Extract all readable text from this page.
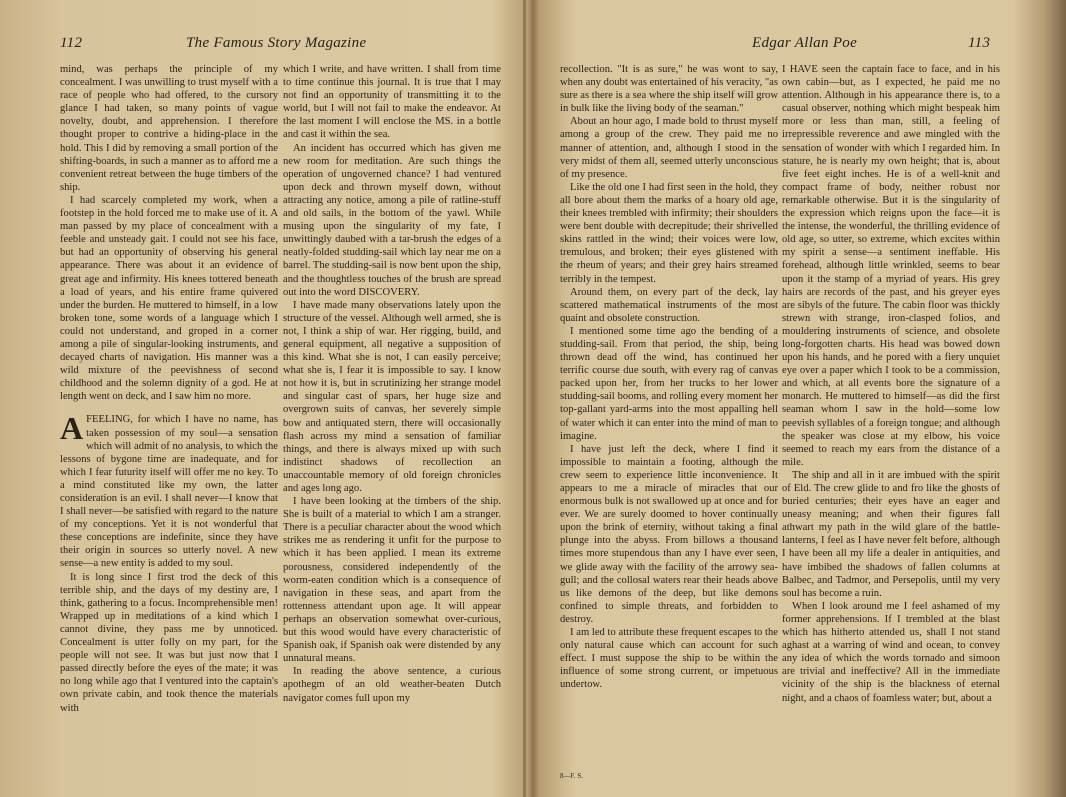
112	The Famous Story Magazine

mind, was perhaps the principle of my concealment. I was unwilling to trust myself with a race of people who had offered, to the cursory glance I had taken, so many points of vague novelty, doubt, and apprehension. I therefore thought proper to contrive a hiding-place in the hold. This I did by removing a small portion of the shifting-boards, in such a manner as to afford me a convenient retreat between the huge timbers of the ship.

I had scarcely completed my work, when a footstep in the hold forced me to make use of it. A man passed by my place of concealment with a feeble and unsteady gait. I could not see his face, but had an opportunity of observing his general appearance. There was about it an evidence of great age and infirmity. His knees tottered beneath a load of years, and his entire frame quivered under the burden. He muttered to himself, in a low broken tone, some words of a language which I could not understand, and groped in a corner among a pile of singular-looking instruments, and decayed charts of navigation. His manner was a wild mixture of the peevishness of second childhood and the solemn dignity of a god. He at length went on deck, and I saw him no more.

AFEELING, for which I have no name, has taken possession of my soul—a sensation which will admit of no analysis, to which the lessons of bygone time are inadequate, and for which I fear futurity itself will offer me no key. To a mind constituted like my own, the latter consideration is an evil. I shall never—I know that I shall never—be satisfied with regard to the nature of my conceptions. Yet it is not wonderful that these conceptions are indefinite, since they have their origin in sources so utterly novel. A new sense—a new entity is added to my soul.

It is long since I first trod the deck of this terrible ship, and the days of my destiny are, I think, gathering to a focus. Incomprehensible men! Wrapped up in meditations of a kind which I cannot divine, they pass me by unnoticed. Concealment is utter folly on my part, for the people will not see. It was but just now that I passed directly before the eyes of the mate; it was no long while ago that I ventured into the captain's own private cabin, and took thence the materials with

which I write, and have written. I shall from time to time continue this journal. It is true that I may not find an opportunity of transmitting it to the world, but I will not fail to make the endeavor. At the last moment I will enclose the MS. in a bottle and cast it within the sea.

An incident has occurred which has given me new room for meditation. Are such things the operation of ungoverned chance? I had ventured upon deck and thrown myself down, without attracting any notice, among a pile of ratline-stuff and old sails, in the bottom of the yawl. While musing upon the singularity of my fate, I unwittingly daubed with a tar-brush the edges of a neatly-folded studding-sail which lay near me on a barrel. The studding-sail is now bent upon the ship, and the thoughtless touches of the brush are spread out into the word DISCOVERY.

I have made many observations lately upon the structure of the vessel. Although well armed, she is not, I think a ship of war. Her rigging, build, and general equipment, all negative a supposition of this kind. What she is not, I can easily perceive; what she is, I fear it is impossible to say. I know not how it is, but in scrutinizing her strange model and singular cast of spars, her huge size and overgrown suits of canvas, her severely simple bow and antiquated stern, there will occasionally flash across my mind a sensation of familiar things, and there is always mixed up with such indistinct shadows of recollection an unaccountable memory of old foreign chronicles and ages long ago.

I have been looking at the timbers of the ship. She is built of a material to which I am a stranger. There is a peculiar character about the wood which strikes me as rendering it unfit for the purpose to which it has been applied. I mean its extreme porousness, considered independently of the worm-eaten condition which is a consequence of navigation in these seas, and apart from the rottenness attendant upon age. It will appear perhaps an observation somewhat over-curious, but this wood would have every characteristic of Spanish oak, if Spanish oak were distended by any unnatural means.

In reading the above sentence, a curious apothegm of an old weather-beaten Dutch navigator comes full upon my

Edgar Allan Poe	113

recollection. "It is as sure," he was wont to say, when any doubt was entertained of his veracity, "as sure as there is a sea where the ship itself will grow in bulk like the living body of the seaman."

About an hour ago, I made bold to thrust myself among a group of the crew. They paid me no manner of attention, and, although I stood in the very midst of them all, seemed utterly unconscious of my presence.

Like the old one I had first seen in the hold, they all bore about them the marks of a hoary old age, their knees trembled with infirmity; their shoulders were bent double with decrepitude; their shrivelled skins rattled in the wind; their voices were low, tremulous, and broken; their eyes glistened with the rheum of years; and their grey hairs streamed terribly in the tempest.

Around them, on every part of the deck, lay scattered mathematical instruments of the most quaint and obsolete construction.

I mentioned some time ago the bending of a studding-sail. From that period, the ship, being thrown dead off the wind, has continued her terrific course due south, with every rag of canvas packed upon her, from her trucks to her lower studding-sail booms, and rolling every moment her top-gallant yard-arms into the most appalling hell of water which it can enter into the mind of man to imagine.

I have just left the deck, where I find it impossible to maintain a footing, although the crew seem to experience little inconvenience. It appears to me a miracle of miracles that our enormous bulk is not swallowed up at once and for ever. We are surely doomed to hover continually upon the brink of eternity, without taking a final plunge into the abyss. From billows a thousand times more stupendous than any I have ever seen, we glide away with the facility of the arrowy sea-gull; and the collosal waters rear their heads above us like demons of the deep, but like demons confined to simple threats, and forbidden to destroy.

I am led to attribute these frequent escapes to the only natural cause which can account for such effect. I must suppose the ship to be within the influence of some strong current, or impetuous undertow.

8—F. S.

I HAVE seen the captain face to face, and in his own cabin—but, as I expected, he paid me no attention. Although in his appearance there is, to a casual observer, nothing which might bespeak him more or less than man, still, a feeling of irrepressible reverence and awe mingled with the sensation of wonder with which I regarded him. In stature, he is nearly my own height; that is, about five feet eight inches. He is of a well-knit and compact frame of body, neither robust nor remarkable otherwise. But it is the singularity of the expression which reigns upon the face—it is the intense, the wonderful, the thrilling evidence of old age, so utter, so extreme, which excites within my spirit a sense—a sentiment ineffable. His forehead, although little wrinkled, seems to bear upon it the stamp of a myriad of years. His grey hairs are records of the past, and his greyer eyes are sibyls of the future. The cabin floor was thickly strewn with strange, iron-clasped folios, and mouldering instruments of science, and obsolete long-forgotten charts. His head was bowed down upon his hands, and he pored with a fiery unquiet eye over a paper which I took to be a commission, and which, at all events bore the signature of a monarch. He muttered to himself—as did the first seaman whom I saw in the hold—some low peevish syllables of a foreign tongue; and although the speaker was close at my elbow, his voice seemed to reach my ears from the distance of a mile.

The ship and all in it are imbued with the spirit of Eld. The crew glide to and fro like the ghosts of buried centuries; their eyes have an eager and uneasy meaning; and when their figures fall athwart my path in the wild glare of the battle-lanterns, I feel as I have never felt before, although I have been all my life a dealer in antiquities, and have imbibed the shadows of fallen columns at Balbec, and Tadmor, and Persepolis, until my very soul has become a ruin.

When I look around me I feel ashamed of my former apprehensions. If I trembled at the blast which has hitherto attended us, shall I not stand aghast at a warring of wind and ocean, to convey any idea of which the words tornado and simoon are trivial and ineffective? All in the immediate vicinity of the ship is the blackness of eternal night, and a chaos of foamless water; but, about a
